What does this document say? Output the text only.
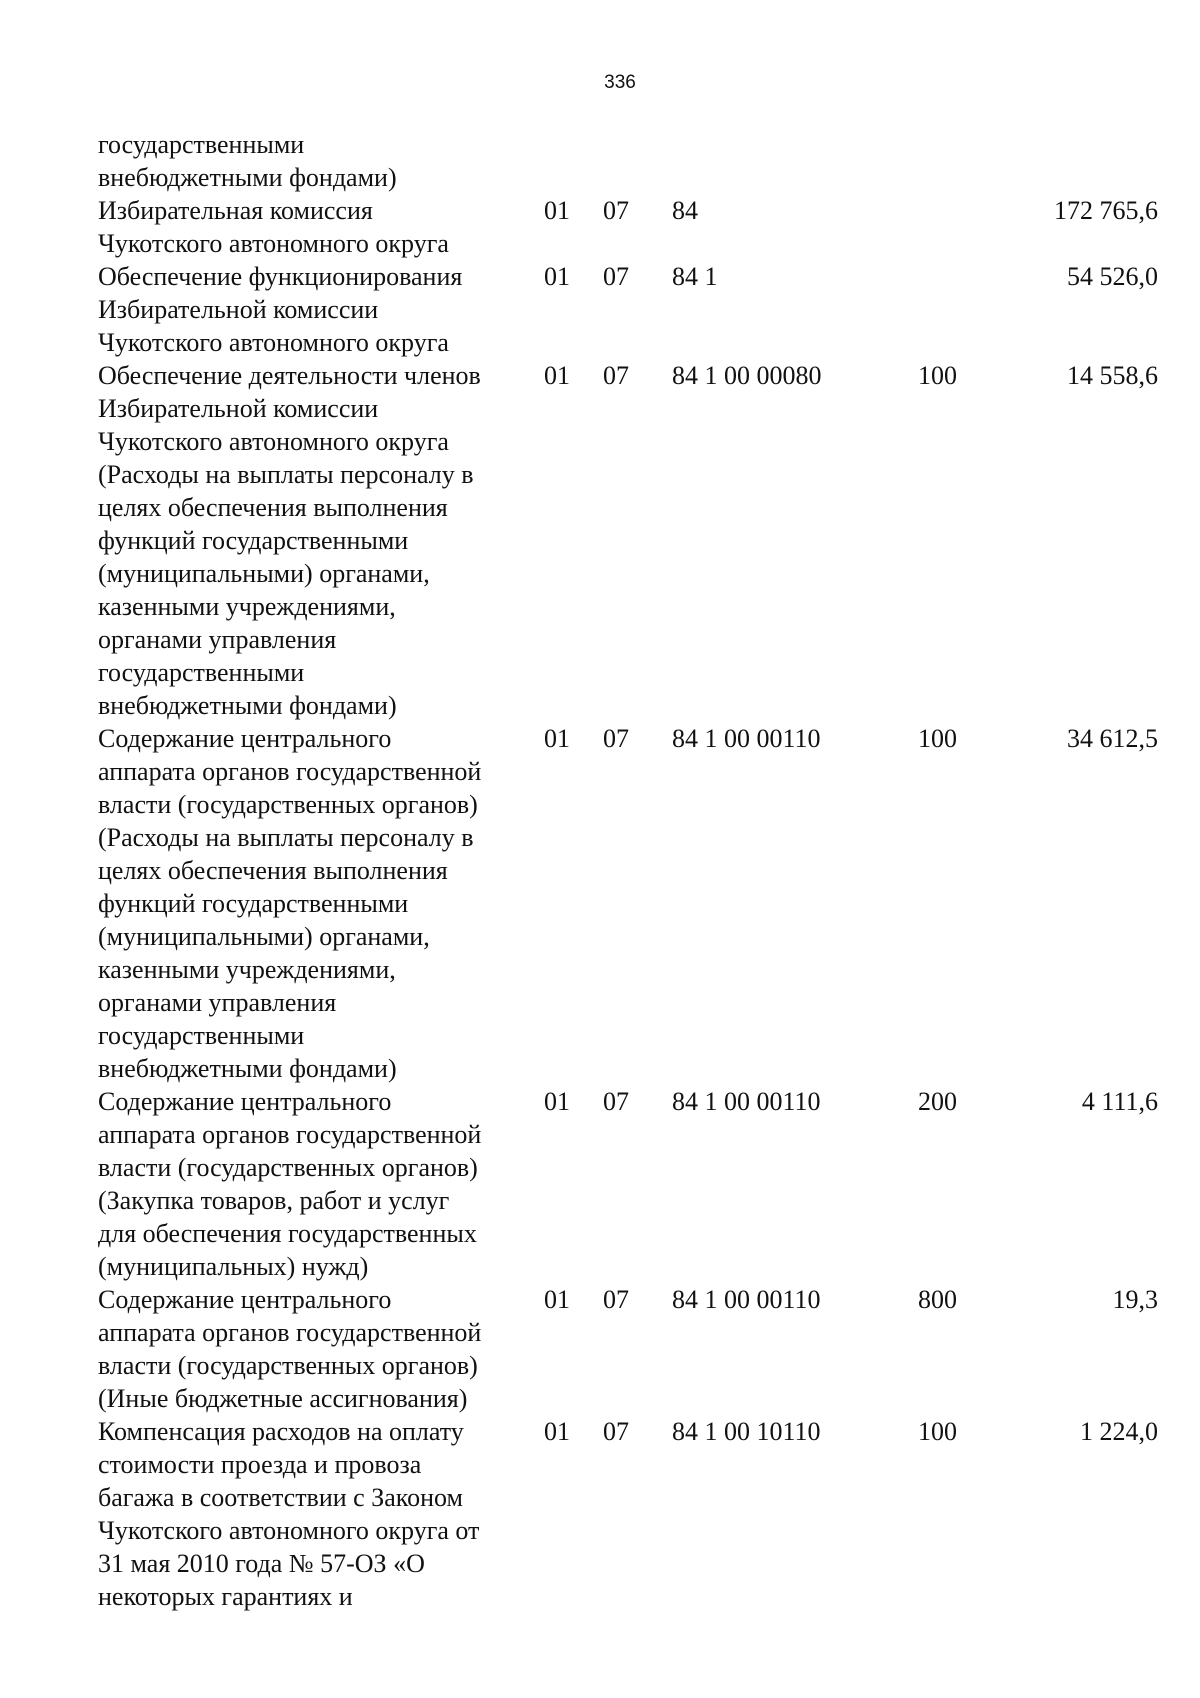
336
государственными
внебюджетными фондами)
Избирательная комиссия
Чукотского автономного округа
01 07 84	172 765,6
Обеспечение функционирования
Избирательной комиссии
Чукотского автономного округа
01 07 84 1	54 526,0
Обеспечение деятельности членов
Избирательной комиссии
Чукотского автономного округа
(Расходы на выплаты персоналу в
целях обеспечения выполнения
функций государственными
(муниципальными) органами,
казенными учреждениями,
органами управления
государственными
внебюджетными фондами)
01 07 84 1 00 00080	100	14 558,6
Содержание центрального
аппарата органов государственной
власти (государственных органов)
(Расходы на выплаты персоналу в
целях обеспечения выполнения
функций государственными
(муниципальными) органами,
казенными учреждениями,
органами управления
государственными
внебюджетными фондами)
01 07 84 1 00 00110	100	34 612,5
Содержание центрального
аппарата органов государственной
власти (государственных органов)
(Закупка товаров, работ и услуг
для обеспечения государственных
(муниципальных) нужд)
01 07 84 1 00 00110	200	4 111,6
Содержание центрального
аппарата органов государственной
власти (государственных органов)
(Иные бюджетные ассигнования)
01 07 84 1 00 00110	800	19,3
Компенсация расходов на оплату
стоимости проезда и провоза
багажа в соответствии с Законом
Чукотского автономного округа от
31 мая 2010 года № 57-ОЗ «О
некоторых гарантиях и
01 07 84 1 00 10110	100	1 224,0
